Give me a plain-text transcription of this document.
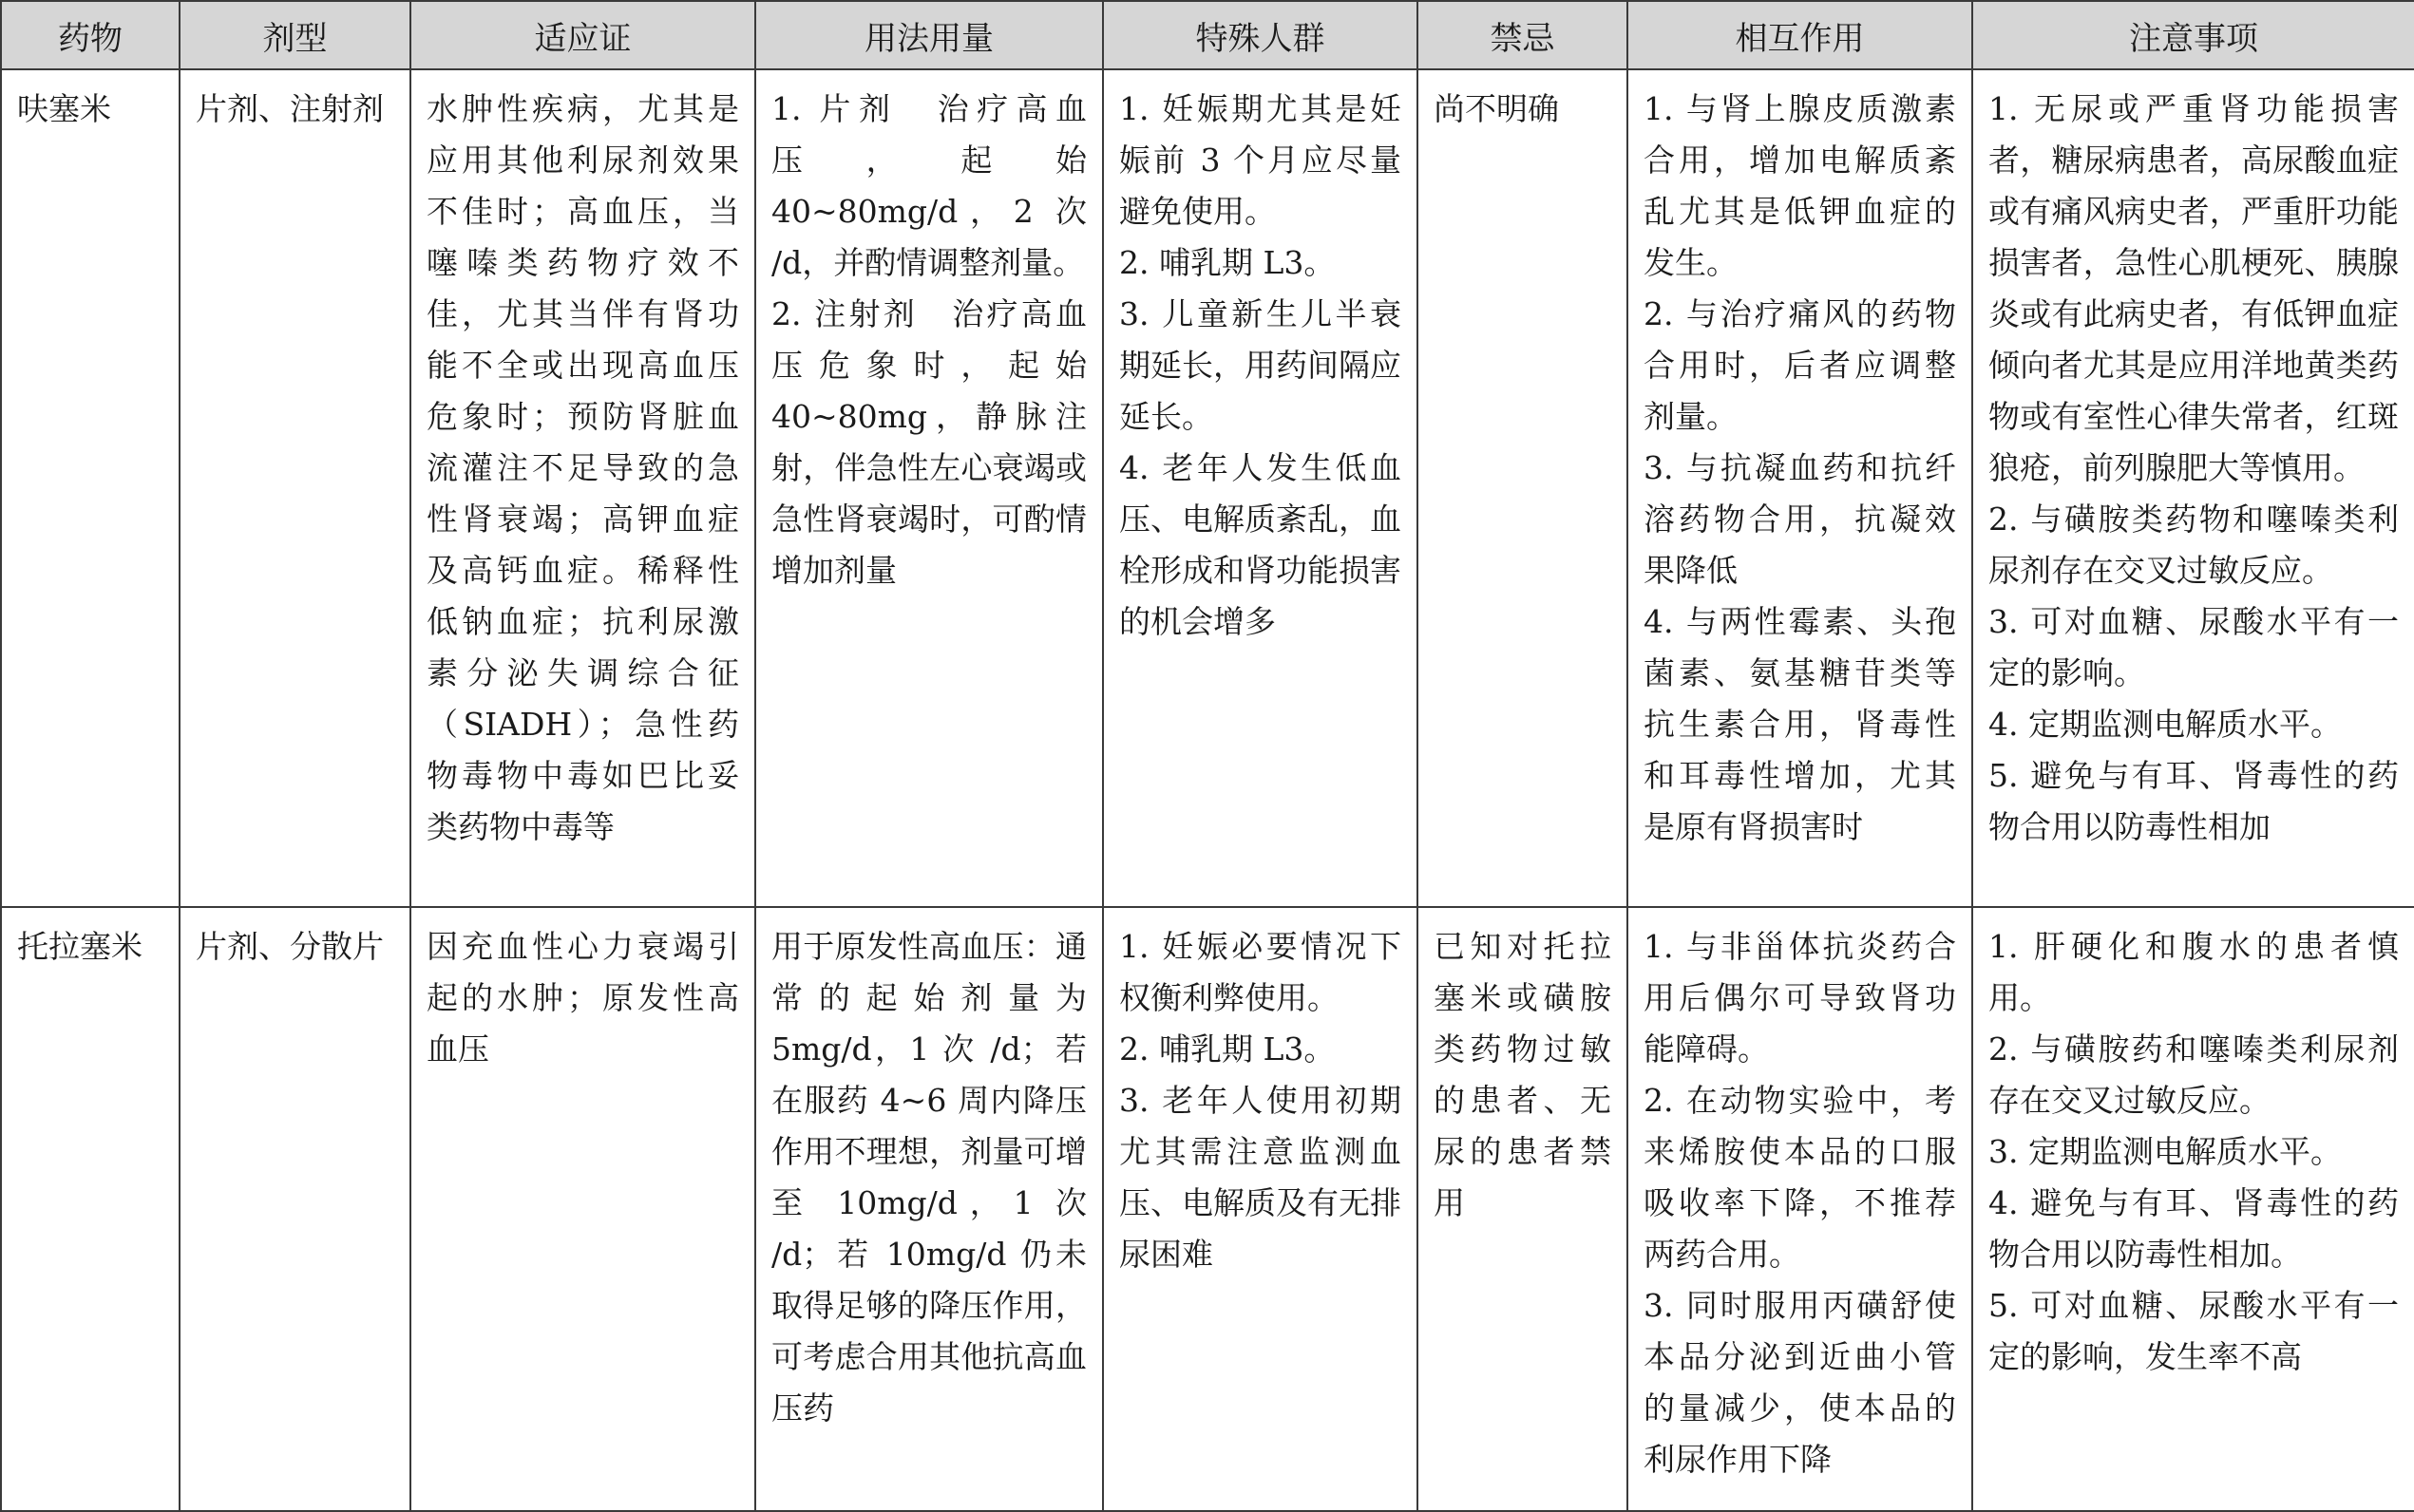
药物	剂型	适应证	用法用量	特殊人群	禁忌	相互作用	注意事项
呋塞米	片剂、注射剂	水肿性疾病，尤其是应用其他利尿剂效果不佳时；高血压，当噻嗪类药物疗效不佳，尤其当伴有肾功能不全或出现高血压危象时；预防肾脏血流灌注不足导致的急性肾衰竭；高钾血症及高钙血症。稀释性低钠血症；抗利尿激素分泌失调综合征（SIADH）；急性药物毒物中毒如巴比妥类药物中毒等	1. 片剂　治疗高血压，起始 40~80mg/d，2 次 /d，并酌情调整剂量。
2. 注射剂　治疗高血压危象时，起始 40~80mg，静脉注射，伴急性左心衰竭或急性肾衰竭时，可酌情增加剂量	1. 妊娠期尤其是妊娠前 3 个月应尽量避免使用。
2. 哺乳期 L3。
3. 儿童新生儿半衰期延长，用药间隔应延长。
4. 老年人发生低血压、电解质紊乱，血栓形成和肾功能损害的机会增多	尚不明确	1. 与肾上腺皮质激素合用，增加电解质紊乱尤其是低钾血症的发生。
2. 与治疗痛风的药物合用时，后者应调整剂量。
3. 与抗凝血药和抗纤溶药物合用，抗凝效果降低
4. 与两性霉素、头孢菌素、氨基糖苷类等抗生素合用，肾毒性和耳毒性增加，尤其是原有肾损害时	1. 无尿或严重肾功能损害者，糖尿病患者，高尿酸血症或有痛风病史者，严重肝功能损害者，急性心肌梗死、胰腺炎或有此病史者，有低钾血症倾向者尤其是应用洋地黄类药物或有室性心律失常者，红斑狼疮，前列腺肥大等慎用。
2. 与磺胺类药物和噻嗪类利尿剂存在交叉过敏反应。
3. 可对血糖、尿酸水平有一定的影响。
4. 定期监测电解质水平。
5. 避免与有耳、肾毒性的药物合用以防毒性相加

托拉塞米	片剂、分散片	因充血性心力衰竭引起的水肿；原发性高血压	用于原发性高血压：通常的起始剂量为 5mg/d，1 次 /d；若在服药 4~6 周内降压作用不理想，剂量可增至 10mg/d，1 次 /d；若 10mg/d 仍未取得足够的降压作用，可考虑合用其他抗高血压药	1. 妊娠必要情况下权衡利弊使用。
2. 哺乳期 L3。
3. 老年人使用初期尤其需注意监测血压、电解质及有无排尿困难	已知对托拉塞米或磺胺类药物过敏的患者、无尿的患者禁用	1. 与非甾体抗炎药合用后偶尔可导致肾功能障碍。
2. 在动物实验中，考来烯胺使本品的口服吸收率下降，不推荐两药合用。
3. 同时服用丙磺舒使本品分泌到近曲小管的量减少，使本品的利尿作用下降	1. 肝硬化和腹水的患者慎用。
2. 与磺胺药和噻嗪类利尿剂存在交叉过敏反应。
3. 定期监测电解质水平。
4. 避免与有耳、肾毒性的药物合用以防毒性相加。
5. 可对血糖、尿酸水平有一定的影响，发生率不高
